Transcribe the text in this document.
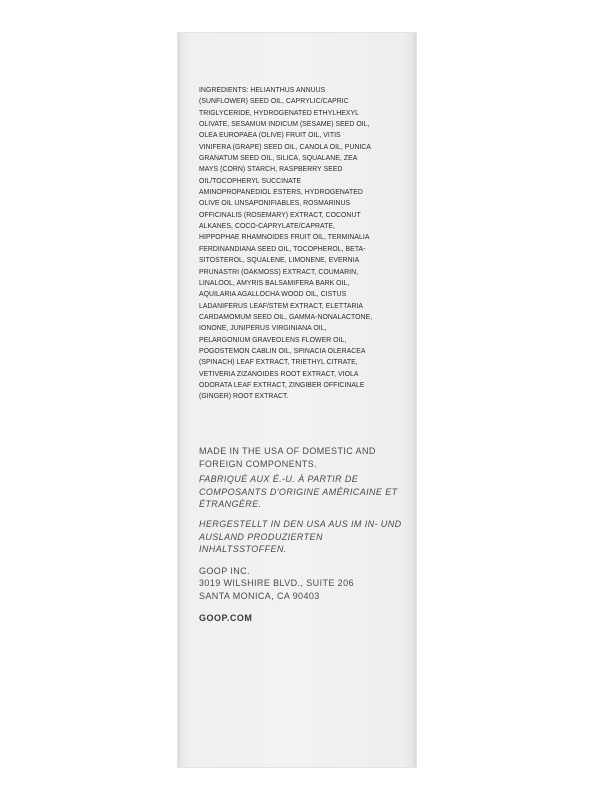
INGREDIENTS: HELIANTHUS ANNUUS (SUNFLOWER) SEED OIL, CAPRYLIC/CAPRIC TRIGLYCERIDE, HYDROGENATED ETHYLHEXYL OLIVATE, SESAMUM INDICUM (SESAME) SEED OIL, OLEA EUROPAEA (OLIVE) FRUIT OIL, VITIS VINIFERA (GRAPE) SEED OIL, CANOLA OIL, PUNICA GRANATUM SEED OIL, SILICA, SQUALANE, ZEA MAYS (CORN) STARCH, RASPBERRY SEED OIL/TOCOPHERYL SUCCINATE AMINOPROPANEDIOL ESTERS, HYDROGENATED OLIVE OIL UNSAPONIFIABLES, ROSMARINUS OFFICINALIS (ROSEMARY) EXTRACT, COCONUT ALKANES, COCO-CAPRYLATE/CAPRATE, HIPPOPHAE RHAMNOIDES FRUIT OIL, TERMINALIA FERDINANDIANA SEED OIL, TOCOPHEROL, BETA-SITOSTEROL, SQUALENE, LIMONENE, EVERNIA PRUNASTRI (OAKMOSS) EXTRACT, COUMARIN, LINALOOL, AMYRIS BALSAMIFERA BARK OIL, AQUILARIA AGALLOCHA WOOD OIL, CISTUS LADANIFERUS LEAF/STEM EXTRACT, ELETTARIA CARDAMOMUM SEED OIL, GAMMA-NONALACTONE, IONONE, JUNIPERUS VIRGINIANA OIL, PELARGONIUM GRAVEOLENS FLOWER OIL, POGOSTEMON CABLIN OIL, SPINACIA OLERACEA (SPINACH) LEAF EXTRACT, TRIETHYL CITRATE, VETIVERIA ZIZANOIDES ROOT EXTRACT, VIOLA ODORATA LEAF EXTRACT, ZINGIBER OFFICINALE (GINGER) ROOT EXTRACT.

MADE IN THE USA OF DOMESTIC AND FOREIGN COMPONENTS.

FABRIQUÉ AUX É.-U. À PARTIR DE COMPOSANTS D'ORIGINE AMÉRICAINE ET ÉTRANGÈRE.

HERGESTELLT IN DEN USA AUS IM IN- UND AUSLAND PRODUZIERTEN INHALTSSTOFFEN.

GOOP INC.
3019 WILSHIRE BLVD., SUITE 206
SANTA MONICA, CA 90403

GOOP.COM
